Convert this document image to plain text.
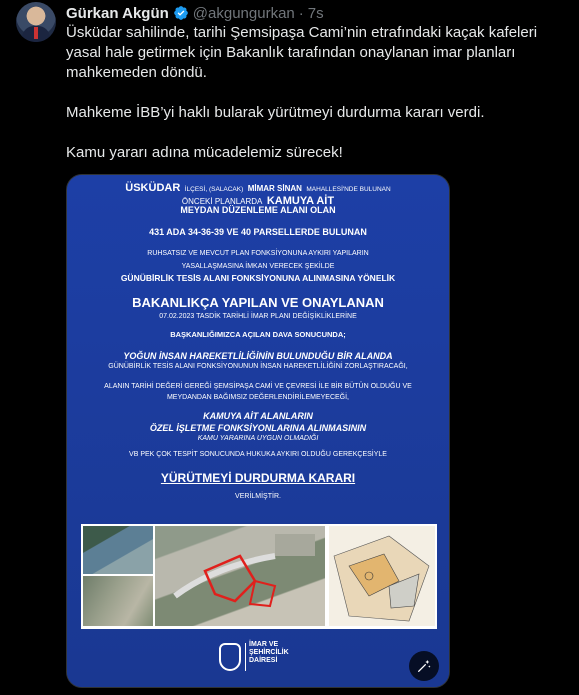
Gürkan Akgün @akgungurkan · 7s

Üsküdar sahilinde, tarihi Şemsipaşa Cami’nin etrafındaki kaçak kafeleri yasal hale getirmek için Bakanlık tarafından onaylanan imar planları mahkemeden döndü.

Mahkeme İBB’yi haklı bularak yürütmeyi durdurma kararı verdi.

Kamu yararı adına mücadelemiz sürecek!

ÜSKÜDAR İLÇESİ, (SALACAK) MİMAR SİNAN MAHALLESİ'NDE BULUNAN
ÖNCEKİ PLANLARDA KAMUYA AİT
MEYDAN DÜZENLEME ALANI OLAN
431 ADA 34-36-39 VE 40 PARSELLERDE BULUNAN
RUHSATSIZ VE MEVCUT PLAN FONKSİYONUNA AYKIRI YAPILARIN
YASALLAŞMASINA İMKAN VERECEK ŞEKİLDE
GÜNÜBİRLİK TESİS ALANI FONKSİYONUNA ALINMASINA YÖNELİK
BAKANLIKÇA YAPILAN VE ONAYLANAN
07.02.2023 TASDİK TARİHLİ İMAR PLANI DEĞİŞİKLİKLERİNE
BAŞKANLIĞIMIZCA AÇILAN DAVA SONUCUNDA;
YOĞUN İNSAN HAREKETLİLİĞİNİN BULUNDUĞU BİR ALANDA
GÜNÜBİRLİK TESİS ALANI FONKSİYONUNUN İNSAN HAREKETLİLİĞİNİ ZORLAŞTIRACAĞI,
ALANIN TARİHİ DEĞERİ GEREĞİ ŞEMSİPAŞA CAMİ VE ÇEVRESİ İLE BİR BÜTÜN OLDUĞU VE
MEYDANDAN BAĞIMSIZ DEĞERLENDİRİLEMEYECEĞİ,
KAMUYA AİT ALANLARIN
ÖZEL İŞLETME FONKSİYONLARINA ALINMASININ
KAMU YARARINA UYGUN OLMADIĞI
VB PEK ÇOK TESPİT SONUCUNDA HUKUKA AYKIRI OLDUĞU GEREKÇESİYLE
YÜRÜTMEYİ DURDURMA KARARI
VERİLMİŞTİR.
İMAR VE
ŞEHİRCİLİK
DAİRESİ
